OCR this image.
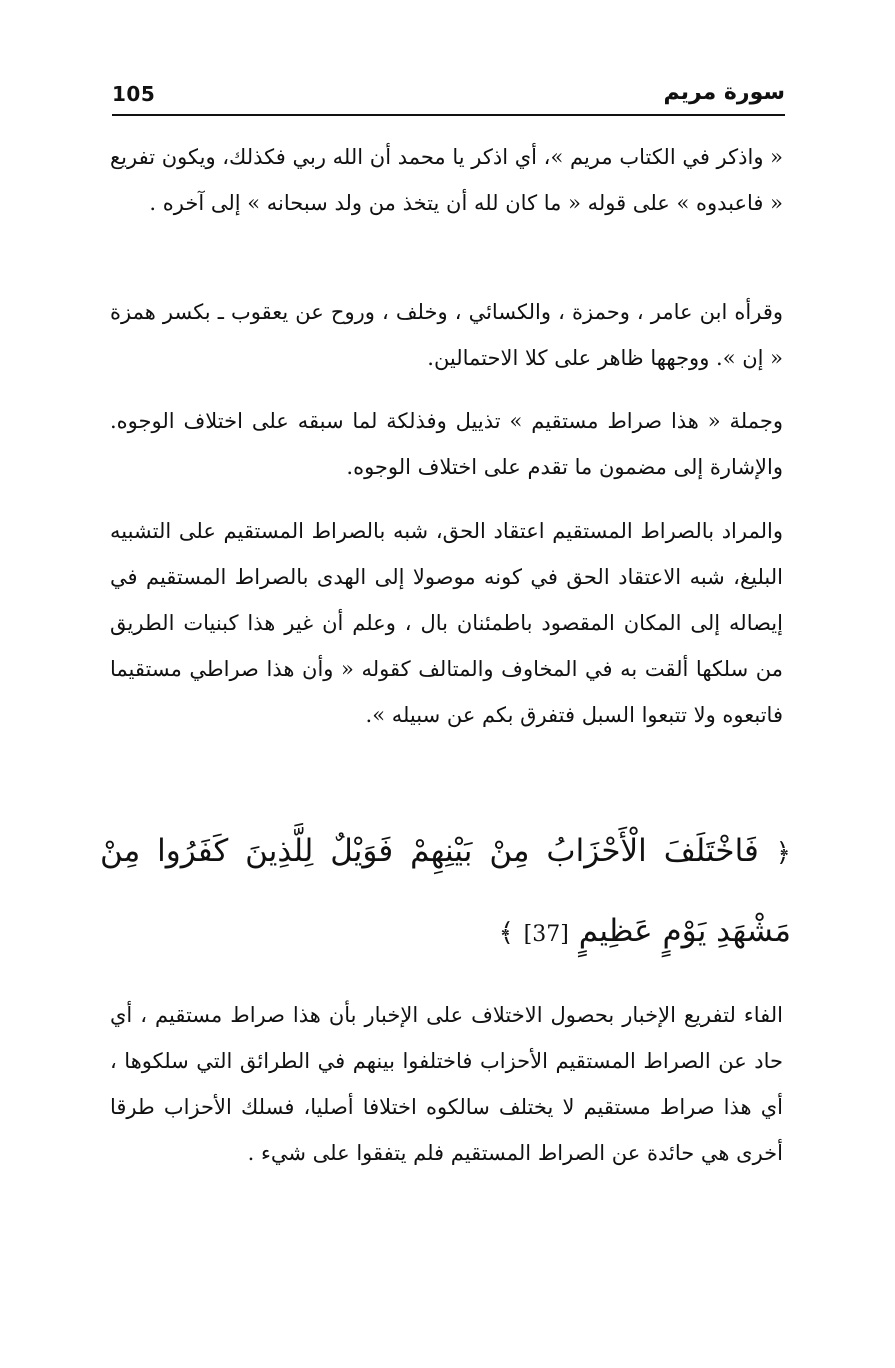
105	سورة مريم

« واذكر في الكتاب مريم »، أي اذكر يا محمد أن الله ربي فكذلك، ويكون تفريع « فاعبدوه » على قوله « ما كان لله أن يتخذ من ولد سبحانه » إلى آخره .

وقرأه ابن عامر ، وحمزة ، والكسائي ، وخلف ، وروح عن يعقوب ـ بكسر همزة « إن ». ووجهها ظاهر على كلا الاحتمالين.

وجملة « هذا صراط مستقيم » تذييل وفذلكة لما سبقه على اختلاف الوجوه. والإشارة إلى مضمون ما تقدم على اختلاف الوجوه.

والمراد بالصراط المستقيم اعتقاد الحق، شبه بالصراط المستقيم على التشبيه البليغ، شبه الاعتقاد الحق في كونه موصولا إلى الهدى بالصراط المستقيم في إيصاله إلى المكان المقصود باطمئنان بال ، وعلم أن غير هذا كبنيات الطريق من سلكها ألقت به في المخاوف والمتالف كقوله « وأن هذا صراطي مستقيما فاتبعوه ولا تتبعوا السبل فتفرق بكم عن سبيله ».

﴿ فَاخْتَلَفَ الْأَحْزَابُ مِنْ بَيْنِهِمْ فَوَيْلٌ لِلَّذِينَ كَفَرُوا مِنْ مَشْهَدِ يَوْمٍ عَظِيمٍ [37] ﴾

الفاء لتفريع الإخبار بحصول الاختلاف على الإخبار بأن هذا صراط مستقيم ، أي حاد عن الصراط المستقيم الأحزاب فاختلفوا بينهم في الطرائق التي سلكوها ، أي هذا صراط مستقيم لا يختلف سالكوه اختلافا أصليا، فسلك الأحزاب طرقا أخرى هي حائدة عن الصراط المستقيم فلم يتفقوا على شيء .
